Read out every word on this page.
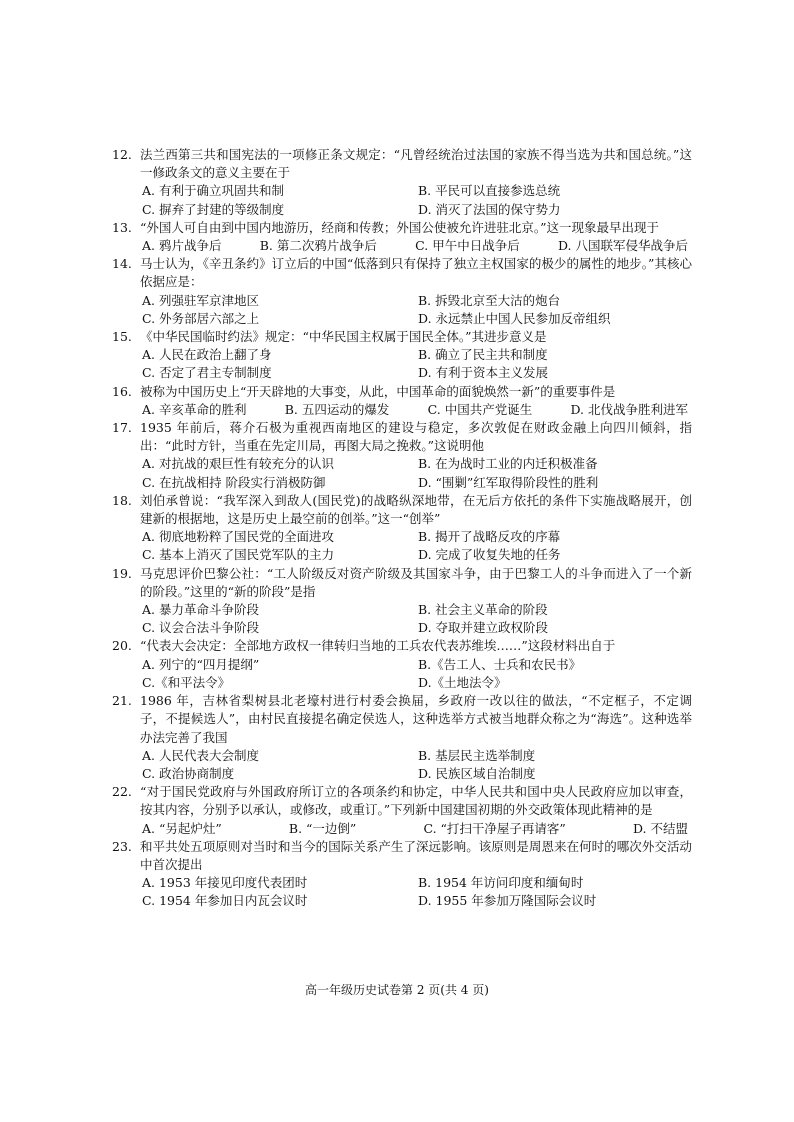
12. 法兰西第三共和国宪法的一项修正条文规定：“凡曾经统治过法国的家族不得当选为共和国总统。”这一修政条文的意义主要在于
A. 有利于确立巩固共和制	B. 平民可以直接参选总统
C. 摒弃了封建的等级制度	D. 消灭了法国的保守势力
13. “外国人可自由到中国内地游历，经商和传教；外国公使被允许进驻北京。”这一现象最早出现于
A. 鸦片战争后	B. 第二次鸦片战争后	C. 甲午中日战争后	D. 八国联军侵华战争后
14. 马士认为，《辛丑条约》订立后的中国“低落到只有保持了独立主权国家的极少的属性的地步。”其核心依据应是：
A. 列强驻军京津地区	B. 拆毁北京至大沽的炮台
C. 外务部居六部之上	D. 永远禁止中国人民参加反帝组织
15. 《中华民国临时约法》规定：“中华民国主权属于国民全体。”其进步意义是
A. 人民在政治上翻了身	B. 确立了民主共和制度
C. 否定了君主专制制度	D. 有利于资本主义发展
16. 被称为中国历史上“开天辟地的大事变，从此，中国革命的面貌焕然一新”的重要事件是
A. 辛亥革命的胜利	B. 五四运动的爆发	C. 中国共产党诞生	D. 北伐战争胜利进军
17. 1935 年前后，蒋介石极为重视西南地区的建设与稳定，多次敦促在财政金融上向四川倾斜，指出：“此时方针，当重在先定川局，再图大局之挽救。”这说明他
A. 对抗战的艰巨性有较充分的认识	B. 在为战时工业的内迁积极准备
C. 在抗战相持 阶段实行消极防御	D. “围剿”红军取得阶段性的胜利
18. 刘伯承曾说：“我军深入到敌人(国民党)的战略纵深地带，在无后方依托的条件下实施战略展开，创建新的根据地，这是历史上最空前的创举。”这一“创举”
A. 彻底地粉粹了国民党的全面进攻	B. 揭开了战略反攻的序幕
C. 基本上消灭了国民党军队的主力	D. 完成了收复失地的任务
19. 马克思评价巴黎公社：“工人阶级反对资产阶级及其国家斗争，由于巴黎工人的斗争而进入了一个新的阶段。”这里的“新的阶段”是指
A. 暴力革命斗争阶段	B. 社会主义革命的阶段
C. 议会合法斗争阶段	D. 夺取并建立政权阶段
20. “代表大会决定：全部地方政权一律转归当地的工兵农代表苏维埃……”这段材料出自于
A. 列宁的“四月提纲”	B.《告工人、士兵和农民书》
C.《和平法令》	D.《土地法令》
21. 1986 年，吉林省梨树县北老壕村进行村委会换届，乡政府一改以往的做法，“不定框子，不定调子，不提候选人”，由村民直接提名确定侯选人，这种选举方式被当地群众称之为“海选”。这种选举办法完善了我国
A. 人民代表大会制度	B. 基层民主选举制度
C. 政治协商制度	D. 民族区域自治制度
22. “对于国民党政府与外国政府所订立的各项条约和协定，中华人民共和国中央人民政府应加以审查，按其内容，分别予以承认，或修改，或重订。”下列新中国建国初期的外交政策体现此精神的是
A. “另起炉灶”	B. “一边倒”	C. “打扫干净屋子再请客”	D. 不结盟
23. 和平共处五项原则对当时和当今的国际关系产生了深远影响。该原则是周恩来在何时的哪次外交活动中首次提出
A. 1953 年接见印度代表团时	B. 1954 年访问印度和缅甸时
C. 1954 年参加日内瓦会议时	D. 1955 年参加万隆国际会议时
高一年级历史试卷第 2 页(共 4 页)
